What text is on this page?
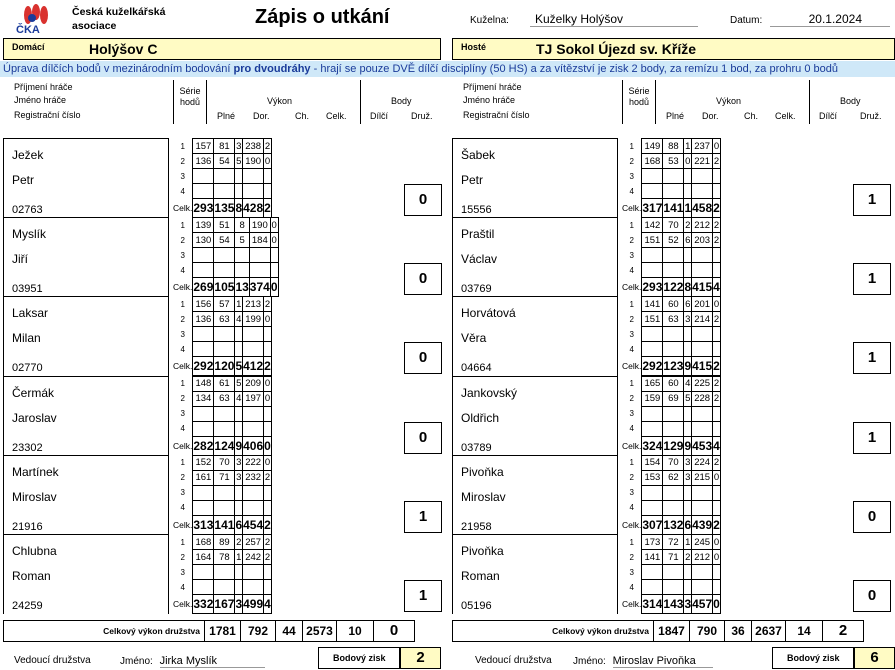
ČKA
Česká kuželkářská
asociace	Zápis o utkání	Kuželna:	Kuželky Holýšov	Datum:	20.1.2024
Domácí	Holýšov C	Hosté	TJ Sokol Újezd sv. Kříže
Úprava dílčích bodů v mezinárodním bodování pro dvoudráhy - hrají se pouze DVĚ dílčí disciplíny (50 HS) a za vítězství je zisk 2 body, za remízu 1 bod, za prohru 0 bodů
Příjmení hráče
Jméno hráče
Registrační číslo
Série
hodů	Výkon
Plné Dor.	Ch. Celk.
Body
Dílčí	Druž.
Příjmení hráče
Jméno hráče
Registrační číslo
Série
hodů	Výkon
Plné Dor.	Ch. Celk.
Body
Dílčí	Druž.
Ježek
Petr
02763
1	157	81	3	238	2
2	136	54	5	190	0
3					
4					
Celk.	293	135	8	428	2	0
Myslík
Jiří
03951
1	139	51	8	190	0
2	130	54	5	184	0
3					
4					
Celk.	269	105	13	374	0	0
Laksar
Milan
02770
1	156	57	1	213	2
2	136	63	4	199	0
3					
4					
Celk.	292	120	5	412	2	0
Čermák
Jaroslav
23302
1	148	61	5	209	0
2	134	63	4	197	0
3					
4					
Celk.	282	124	9	406	0	0
Martínek
Miroslav
21916
1	152	70	3	222	0
2	161	71	3	232	2
3					
4					
Celk.	313	141	6	454	2	1
Chlubna
Roman
24259
1	168	89	2	257	2
2	164	78	1	242	2
3					
4					
Celk.	332	167	3	499	4	1
Šabek
Petr
15556
1	149	88	1	237	0
2	168	53	0	221	2
3					
4					
Celk.	317	141	1	458	2	1
Praštil
Václav
03769
1	142	70	2	212	2
2	151	52	6	203	2
3					
4					
Celk.	293	122	8	415	4	1
Horvátová
Věra
04664
1	141	60	6	201	0
2	151	63	3	214	2
3					
4					
Celk.	292	123	9	415	2	1
Jankovský
Oldřich
03789
1	165	60	4	225	2
2	159	69	5	228	2
3					
4					
Celk.	324	129	9	453	4	1
Pivoňka
Miroslav
21958
1	154	70	3	224	2
2	153	62	3	215	0
3					
4					
Celk.	307	132	6	439	2	0
Pivoňka
Roman
05196
1	173	72	1	245	0
2	141	71	2	212	0
3					
4					
Celk.	314	143	3	457	0	0
Celkový výkon družstva 1781	792	44 2573	10	0	Celkový výkon družstva 1847	790	36 2637	14	2
Vedoucí družstva	Jméno: Jirka Myslík	Bodový zisk	2	Vedoucí družstva Jméno: Miroslav Pivoňka	Bodový zisk	6
